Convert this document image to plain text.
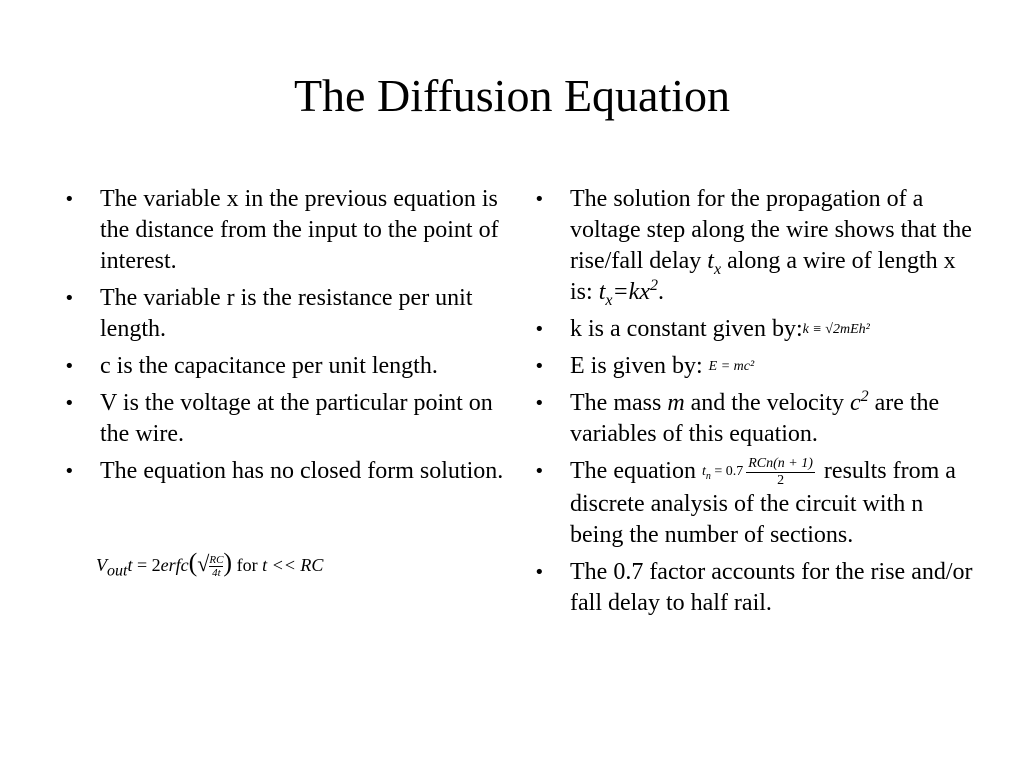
The Diffusion Equation
•	The variable x in the previous equation is the distance from the input to the point of interest.
•	The variable r is the resistance per unit length.
•	c is the capacitance per unit length.
•	V is the voltage at the particular point on the wire.
•	The equation has no closed form solution.
$V_{out}t$ = 2erfc(√ $\frac{RC}{4t}$) for t << RC
•	The solution for the propagation of a voltage step along the wire shows that the rise/fall delay $t_x$ along a wire of length x is: $t_x=kx^2$.
•	k is a constant given by:k ≡ √2mEh²
•	E is given by: E = mc²
•	The mass m and the velocity $c^2$ are the variables of this equation.
•	The equation $t_n = 0.7 \frac{\text{RCn(n + 1)}}{2}$ results from a discrete analysis of the circuit with n being the number of sections.
•	The 0.7 factor accounts for the rise and/or fall delay to half rail.
